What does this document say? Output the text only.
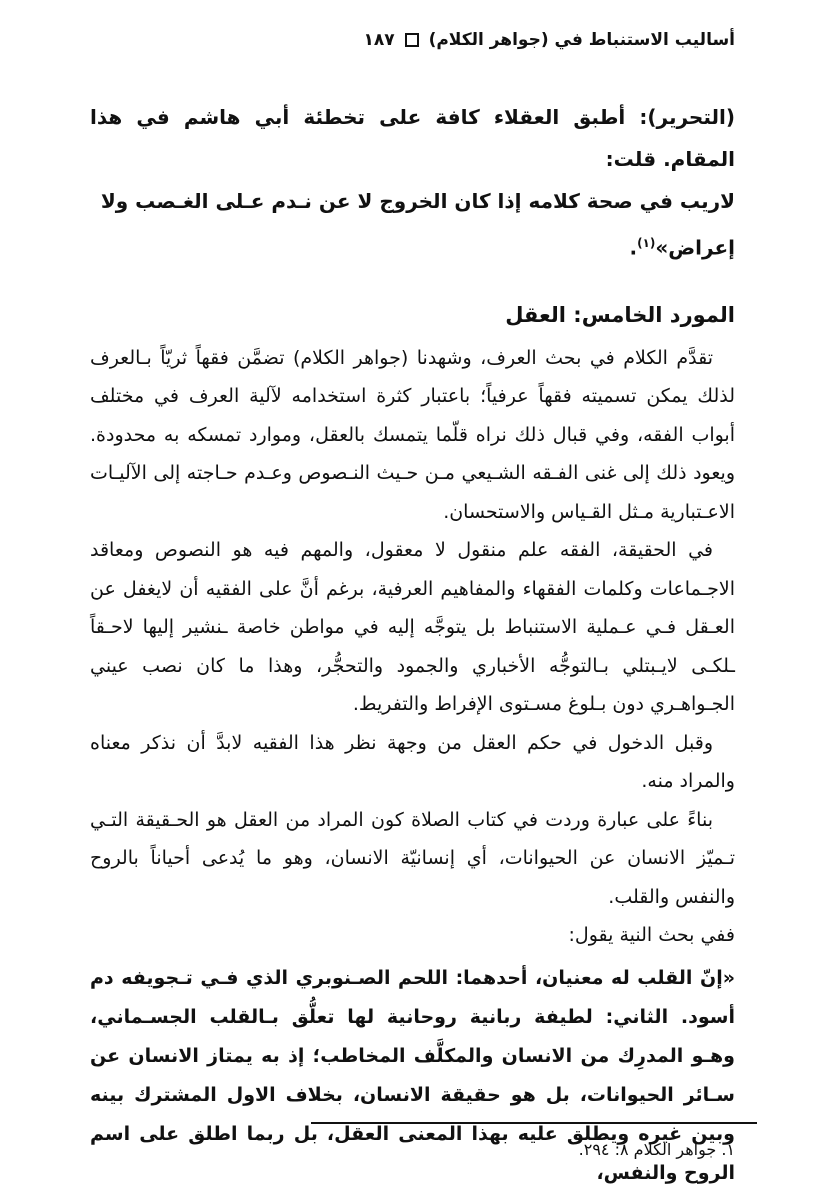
أساليب الاستنباط في (جواهر الكلام)
١٨٧

(التحرير): أطبق العقلاء كافة على تخطئة أبي هاشم في هذا المقام. قلت:

لاريب في صحة كلامه إذا كان الخروج لا عن نـدم عـلى الغـصب ولا

إعراض»$^{(١)}$.

المورد الخامس: العقل

تقدَّم الكلام في بحث العرف، وشهدنا (جواهر الكلام) تضمَّن فقهاً ثريّاً بـالعرف لذلك يمكن تسميته فقهاً عرفياً؛ باعتبار كثرة استخدامه لآلية العرف في مختلف أبواب الفقه، وفي قبال ذلك نراه قلّما يتمسك بالعقل، وموارد تمسكه به محدودة. ويعود ذلك إلى غنى الفـقه الشـيعي مـن حـيث النـصوص وعـدم حـاجته إلى الآليـات الاعـتبارية مـثل القـياس والاستحسان.

في الحقيقة، الفقه علم منقول لا معقول، والمهم فيه هو النصوص ومعاقد الاجـماعات وكلمات الفقهاء والمفاهيم العرفية، برغم أنَّ على الفقيه أن لايغفل عن العـقل فـي عـملية الاستنباط بل يتوجَّه إليه في مواطن خاصة ـنشير إليها لاحـقاً ـلكـى لايـبتلي بـالتوجُّه الأخباري والجمود والتحجُّر، وهذا ما كان نصب عيني الجـواهـري دون بـلوغ مسـتوى الإفراط والتفريط.

وقبل الدخول في حكم العقل من وجهة نظر هذا الفقيه لابدَّ أن نذكر معناه والمراد منه.

بناءً على عبارة وردت في كتاب الصلاة كون المراد من العقل هو الحـقيقة التـي تـميّز الانسان عن الحيوانات، أي إنسانيّة الانسان، وهو ما يُدعى أحياناً بالروح والنفس والقلب.

ففي بحث النية يقول:

«إنّ القلب له معنيان، أحدهما: اللحم الصـنوبري الذي فـي تـجويفه دم أسود. الثاني: لطيفة ربانية روحانية لها تعلُّق بـالقلب الجسـماني، وهـو المدرِك من الانسان والمكلَّف المخاطب؛ إذ به يمتاز الانسان عن سـائر الحيوانات، بل هو حقيقة الانسان، بخلاف الاول المشترك بينه وبين غيره ويطلق عليه بهذا المعنى العقل، بل ربما اطلق على اسم الروح والنفس،
١. جواهر الكلام ٨: ٢٩٤.
